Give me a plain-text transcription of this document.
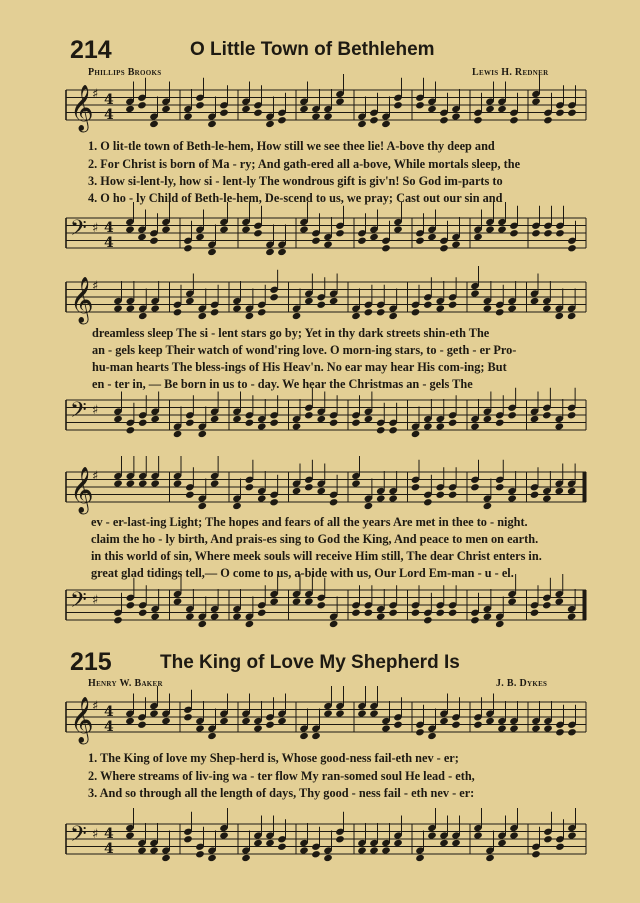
214	O Little Town of Bethlehem
Phillips Brooks	Lewis H. Redner
𝄞
♯ 4
4
1. O lit-tle town of Beth-le-hem, How still we see thee lie! A-bove thy deep and
2. For Christ is born of Ma - ry; And gath-ered all a-bove, While mortals sleep, the
3. How si-lent-ly, how si - lent-ly The wondrous gift is giv'n! So God im-parts to
4. O ho - ly Child of Beth-le-hem, De-scend to us, we pray; Cast out our sin and
𝄢 ♯ 4
4
𝄞
♯
dreamless sleep The si - lent stars go by; Yet in thy dark streets shin-eth The
an - gels keep Their watch of wond'ring love. O morn-ing stars, to - geth - er Pro-
hu-man hearts The bless-ings of His Heav'n. No ear may hear His com-ing; But
en - ter in, — Be born in us to - day. We hear the Christmas an - gels The
𝄢 ♯
𝄞
♯
ev - er-last-ing Light; The hopes and fears of all the years Are met in thee to - night.
claim the ho - ly birth, And prais-es sing to God the King, And peace to men on earth.
in this world of sin, Where meek souls will receive Him still, The dear Christ enters in.
great glad tidings tell,— O come to us, a-bide with us, Our Lord Em-man - u - el.
𝄢 ♯
215	The King of Love My Shepherd Is
Henry W. Baker	J. B. Dykes
𝄞
♯ 4
4
1. The King of love my Shep-herd is, Whose good-ness fail-eth nev - er;
2. Where streams of liv-ing wa - ter flow My ran-somed soul He lead - eth,
3. And so through all the length of days, Thy good - ness fail - eth nev - er:
𝄢 ♯ 4
4
